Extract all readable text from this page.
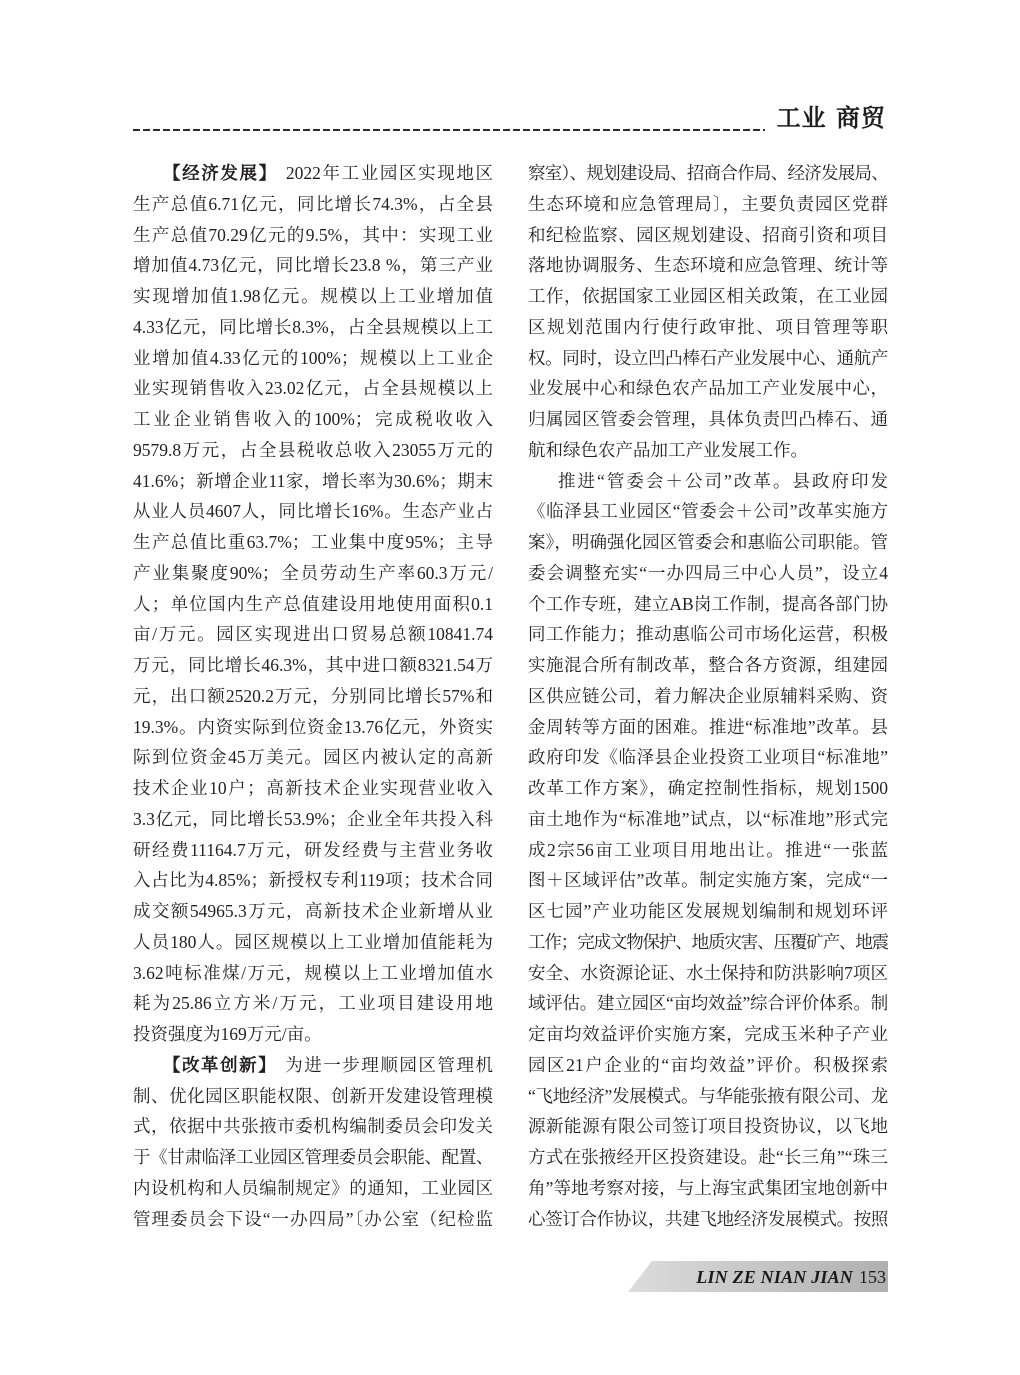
工业 商贸
【经济发展】 2022年工业园区实现地区
生产总值6.71亿元，同比增长74.3%，占全县
生产总值70.29亿元的9.5%，其中：实现工业
增加值4.73亿元，同比增长23.8 %，第三产业
实现增加值1.98亿元。规模以上工业增加值
4.33亿元，同比增长8.3%，占全县规模以上工
业增加值4.33亿元的100%；规模以上工业企
业实现销售收入23.02亿元，占全县规模以上
工业企业销售收入的100%；完成税收收入
9579.8万元，占全县税收总收入23055万元的
41.6%；新增企业11家，增长率为30.6%；期末
从业人员4607人，同比增长16%。生态产业占
生产总值比重63.7%；工业集中度95%；主导
产业集聚度90%；全员劳动生产率60.3万元/
人；单位国内生产总值建设用地使用面积0.1
亩/万元。园区实现进出口贸易总额10841.74
万元，同比增长46.3%，其中进口额8321.54万
元，出口额2520.2万元，分别同比增长57%和
19.3%。内资实际到位资金13.76亿元，外资实
际到位资金45万美元。园区内被认定的高新
技术企业10户；高新技术企业实现营业收入
3.3亿元，同比增长53.9%；企业全年共投入科
研经费11164.7万元，研发经费与主营业务收
入占比为4.85%；新授权专利119项；技术合同
成交额54965.3万元，高新技术企业新增从业
人员180人。园区规模以上工业增加值能耗为
3.62吨标准煤/万元，规模以上工业增加值水
耗为25.86立方米/万元，工业项目建设用地
投资强度为169万元/亩。
【改革创新】 为进一步理顺园区管理机
制、优化园区职能权限、创新开发建设管理模
式，依据中共张掖市委机构编制委员会印发关
于《甘肃临泽工业园区管理委员会职能、配置、
内设机构和人员编制规定》的通知，工业园区
管理委员会下设“一办四局”〔办公室（纪检监
察室）、规划建设局、招商合作局、经济发展局、
生态环境和应急管理局〕，主要负责园区党群
和纪检监察、园区规划建设、招商引资和项目
落地协调服务、生态环境和应急管理、统计等
工作，依据国家工业园区相关政策，在工业园
区规划范围内行使行政审批、项目管理等职
权。同时，设立凹凸棒石产业发展中心、通航产
业发展中心和绿色农产品加工产业发展中心，
归属园区管委会管理，具体负责凹凸棒石、通
航和绿色农产品加工产业发展工作。
推进“管委会＋公司”改革。县政府印发
《临泽县工业园区“管委会＋公司”改革实施方
案》，明确强化园区管委会和惠临公司职能。管
委会调整充实“一办四局三中心人员”，设立4
个工作专班，建立AB岗工作制，提高各部门协
同工作能力；推动惠临公司市场化运营，积极
实施混合所有制改革，整合各方资源，组建园
区供应链公司，着力解决企业原辅料采购、资
金周转等方面的困难。推进“标准地”改革。县
政府印发《临泽县企业投资工业项目“标准地”
改革工作方案》，确定控制性指标，规划1500
亩土地作为“标准地”试点，以“标准地”形式完
成2宗56亩工业项目用地出让。推进“一张蓝
图＋区域评估”改革。制定实施方案，完成“一
区七园”产业功能区发展规划编制和规划环评
工作；完成文物保护、地质灾害、压覆矿产、地震
安全、水资源论证、水土保持和防洪影响7项区
域评估。建立园区“亩均效益”综合评价体系。制
定亩均效益评价实施方案，完成玉米种子产业
园区21户企业的“亩均效益”评价。积极探索
“飞地经济”发展模式。与华能张掖有限公司、龙
源新能源有限公司签订项目投资协议，以飞地
方式在张掖经开区投资建设。赴“长三角”“珠三
角”等地考察对接，与上海宝武集团宝地创新中
心签订合作协议，共建飞地经济发展模式。按照
LIN ZE NIAN JIAN 153
